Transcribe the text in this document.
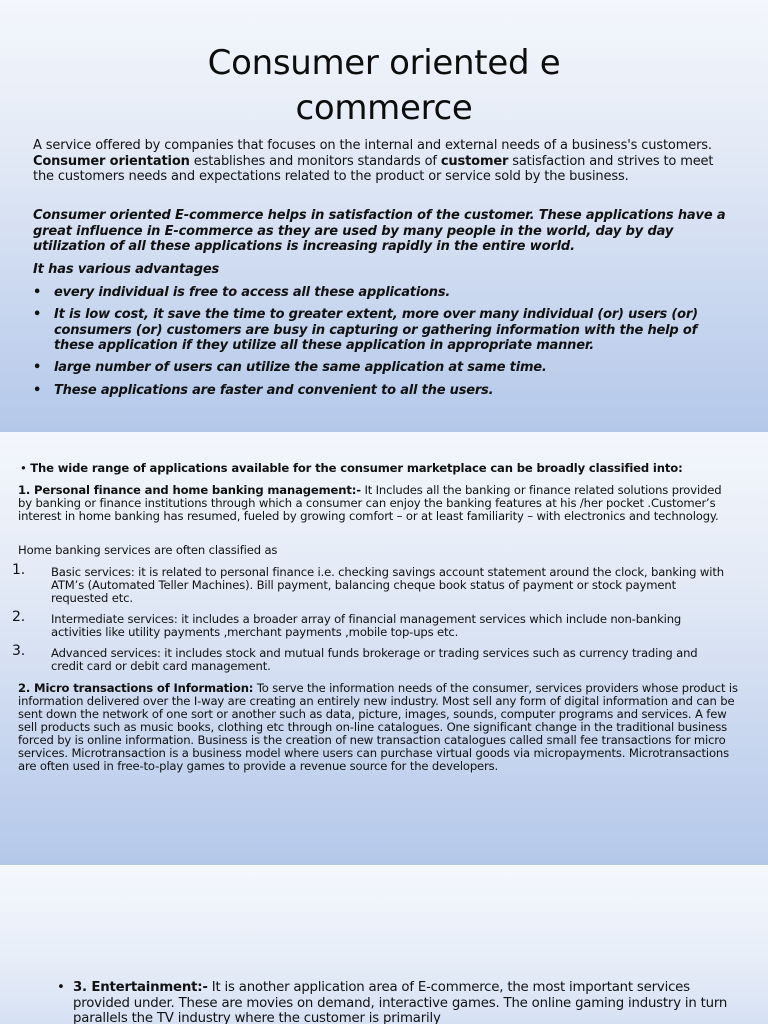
Consumer oriented e
commerce
A service offered by companies that focuses on the internal and external needs of a business's customers. Consumer orientation establishes and monitors standards of customer satisfaction and strives to meet the customers needs and expectations related to the product or service sold by the business.
Consumer oriented E-commerce helps in satisfaction of the customer. These applications have a great influence in E-commerce as they are used by many people in the world, day by day utilization of all these applications is increasing rapidly in the entire world.
It has various advantages
• every individual is free to access all these applications.
• It is low cost, it save the time to greater extent, more over many individual (or) users (or) consumers (or) customers are busy in capturing or gathering information with the help of these application if they utilize all these application in appropriate manner.
• large number of users can utilize the same application at same time.
• These applications are faster and convenient to all the users.
• The wide range of applications available for the consumer marketplace can be broadly classified into:
1. Personal finance and home banking management:- It Includes all the banking or finance related solutions provided by banking or finance institutions through which a consumer can enjoy the banking features at his /her pocket .Customer’s interest in home banking has resumed, fueled by growing comfort – or at least familiarity – with electronics and technology.
Home banking services are often classified as
1. Basic services: it is related to personal finance i.e. checking savings account statement around the clock, banking with ATM’s (Automated Teller Machines). Bill payment, balancing cheque book status of payment or stock payment requested etc.
2. Intermediate services: it includes a broader array of financial management services which include non-banking activities like utility payments ,merchant payments ,mobile top-ups etc.
3. Advanced services: it includes stock and mutual funds brokerage or trading services such as currency trading and credit card or debit card management.
2. Micro transactions of Information: To serve the information needs of the consumer, services providers whose product is information delivered over the I-way are creating an entirely new industry. Most sell any form of digital information and can be sent down the network of one sort or another such as data, picture, images, sounds, computer programs and services. A few sell products such as music books, clothing etc through on-line catalogues. One significant change in the traditional business forced by is online information. Business is the creation of new transaction catalogues called small fee transactions for micro services. Microtransaction is a business model where users can purchase virtual goods via micropayments. Microtransactions are often used in free-to-play games to provide a revenue source for the developers.
• 3. Entertainment:- It is another application area of E-commerce, the most important services provided under. These are movies on demand, interactive games. The online gaming industry in turn parallels the TV industry where the customer is primarily
